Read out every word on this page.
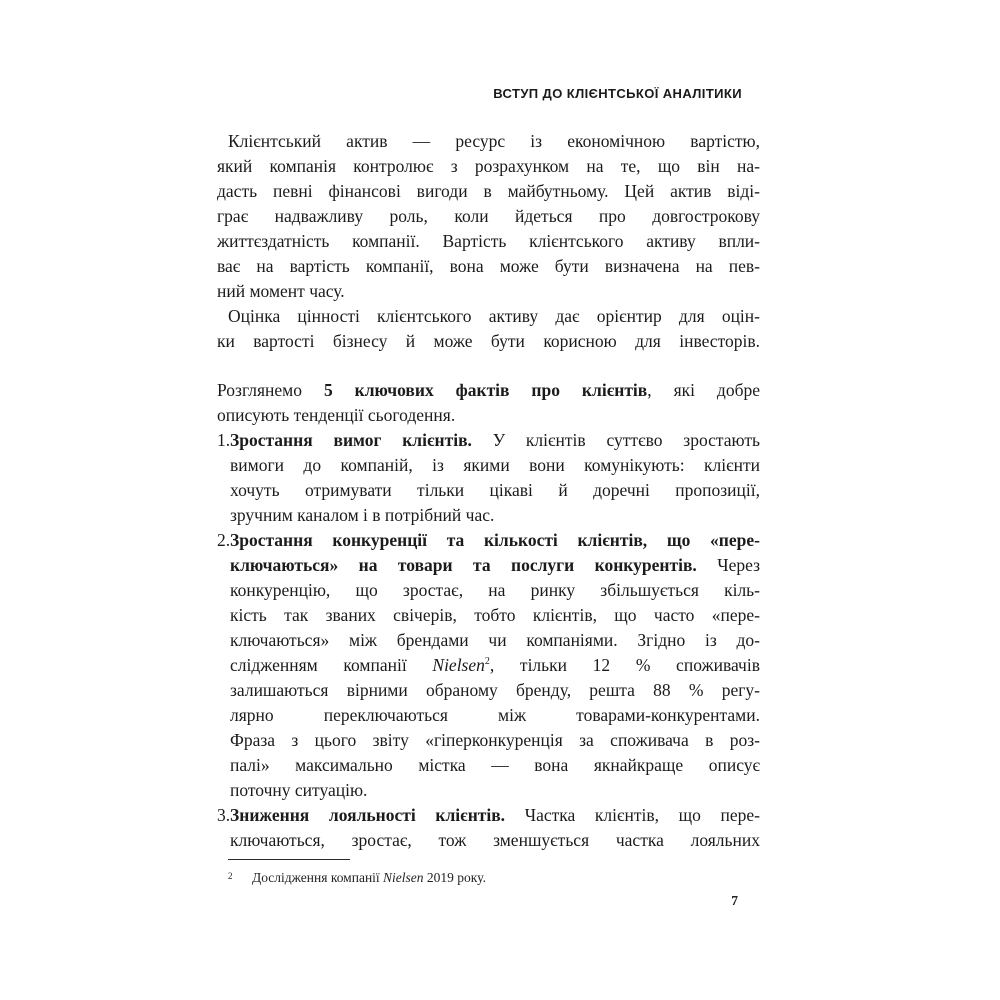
ВСТУП ДО КЛІЄНТСЬКОЇ АНАЛІТИКИ
Клієнтський актив — ресурс із економічною вартістю,
який компанія контролює з розрахунком на те, що він на-
дасть певні фінансові вигоди в майбутньому. Цей актив віді-
грає надважливу роль, коли йдеться про довгострокову
життєздатність компанії. Вартість клієнтського активу впли-
ває на вартість компанії, вона може бути визначена на пев-
ний момент часу.
Оцінка цінності клієнтського активу дає орієнтир для оцін-
ки вартості бізнесу й може бути корисною для інвесторів.
Розглянемо 5 ключових фактів про клієнтів, які добре
описують тенденції сьогодення.
1. Зростання вимог клієнтів. У клієнтів суттєво зростають
вимоги до компаній, із якими вони комунікують: клієнти
хочуть отримувати тільки цікаві й доречні пропозиції,
зручним каналом і в потрібний час.
2. Зростання конкуренції та кількості клієнтів, що «пере-
ключаються» на товари та послуги конкурентів. Через
конкуренцію, що зростає, на ринку збільшується кіль-
кість так званих свічерів, тобто клієнтів, що часто «пере-
ключаються» між брендами чи компаніями. Згідно із до-
слідженням компанії Nielsen$^2$, тільки 12 % споживачів
залишаються вірними обраному бренду, решта 88 % регу-
лярно переключаються між товарами-конкурентами.
Фраза з цього звіту «гіперконкуренція за споживача в роз-
палі» максимально містка — вона якнайкраще описує
поточну ситуацію.
3. Зниження лояльності клієнтів. Частка клієнтів, що пере-
ключаються, зростає, тож зменшується частка лояльних
2 Дослідження компанії Nielsen 2019 року.
7
